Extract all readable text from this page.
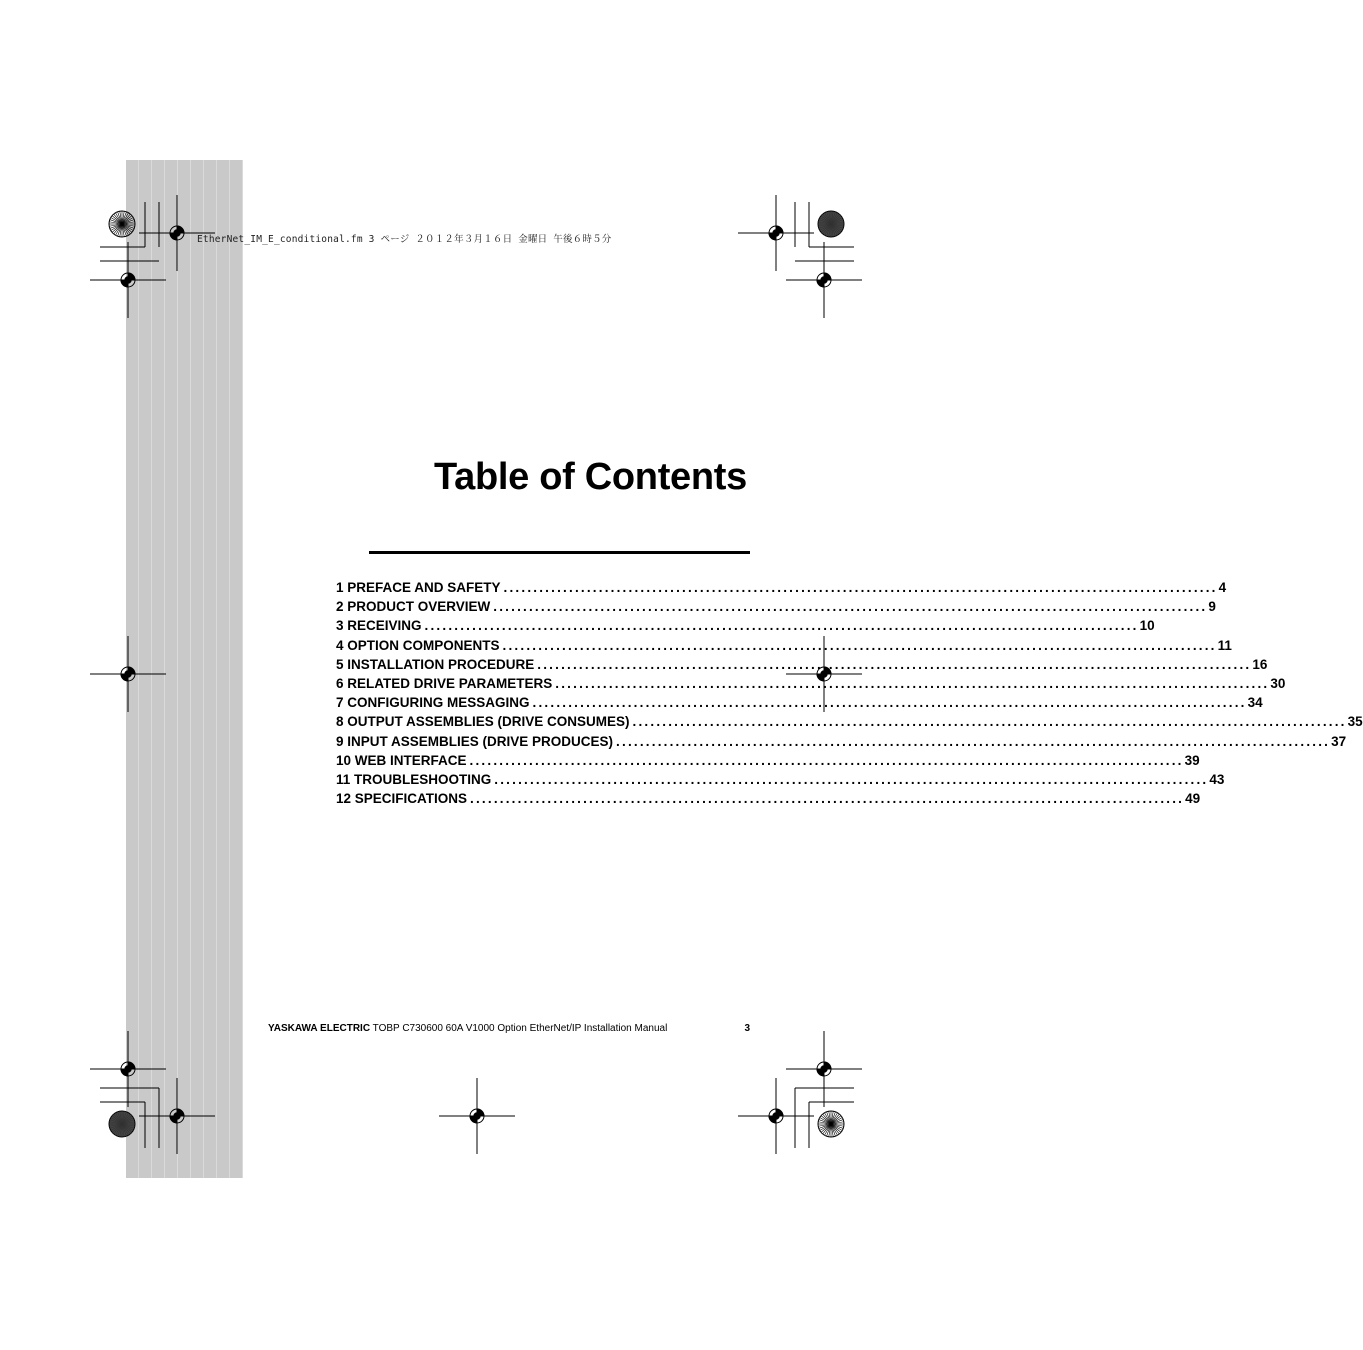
EtherNet_IM_E_conditional.fm 3 ページ ２０１２年３月１６日 金曜日 午後６時５分
Table of Contents
1 PREFACE AND SAFETY ........................................................................................................................ 4
2 PRODUCT OVERVIEW ........................................................................................................................ 9
3 RECEIVING ........................................................................................................................ 10
4 OPTION COMPONENTS ........................................................................................................................ 11
5 INSTALLATION PROCEDURE ........................................................................................................................ 16
6 RELATED DRIVE PARAMETERS ........................................................................................................................ 30
7 CONFIGURING MESSAGING ........................................................................................................................ 34
8 OUTPUT ASSEMBLIES (DRIVE CONSUMES) ........................................................................................................................ 35
9 INPUT ASSEMBLIES (DRIVE PRODUCES) ........................................................................................................................ 37
10 WEB INTERFACE ........................................................................................................................ 39
11 TROUBLESHOOTING ........................................................................................................................ 43
12 SPECIFICATIONS ........................................................................................................................ 49
YASKAWA ELECTRIC TOBP C730600 60A V1000 Option EtherNet/IP Installation Manual	3
